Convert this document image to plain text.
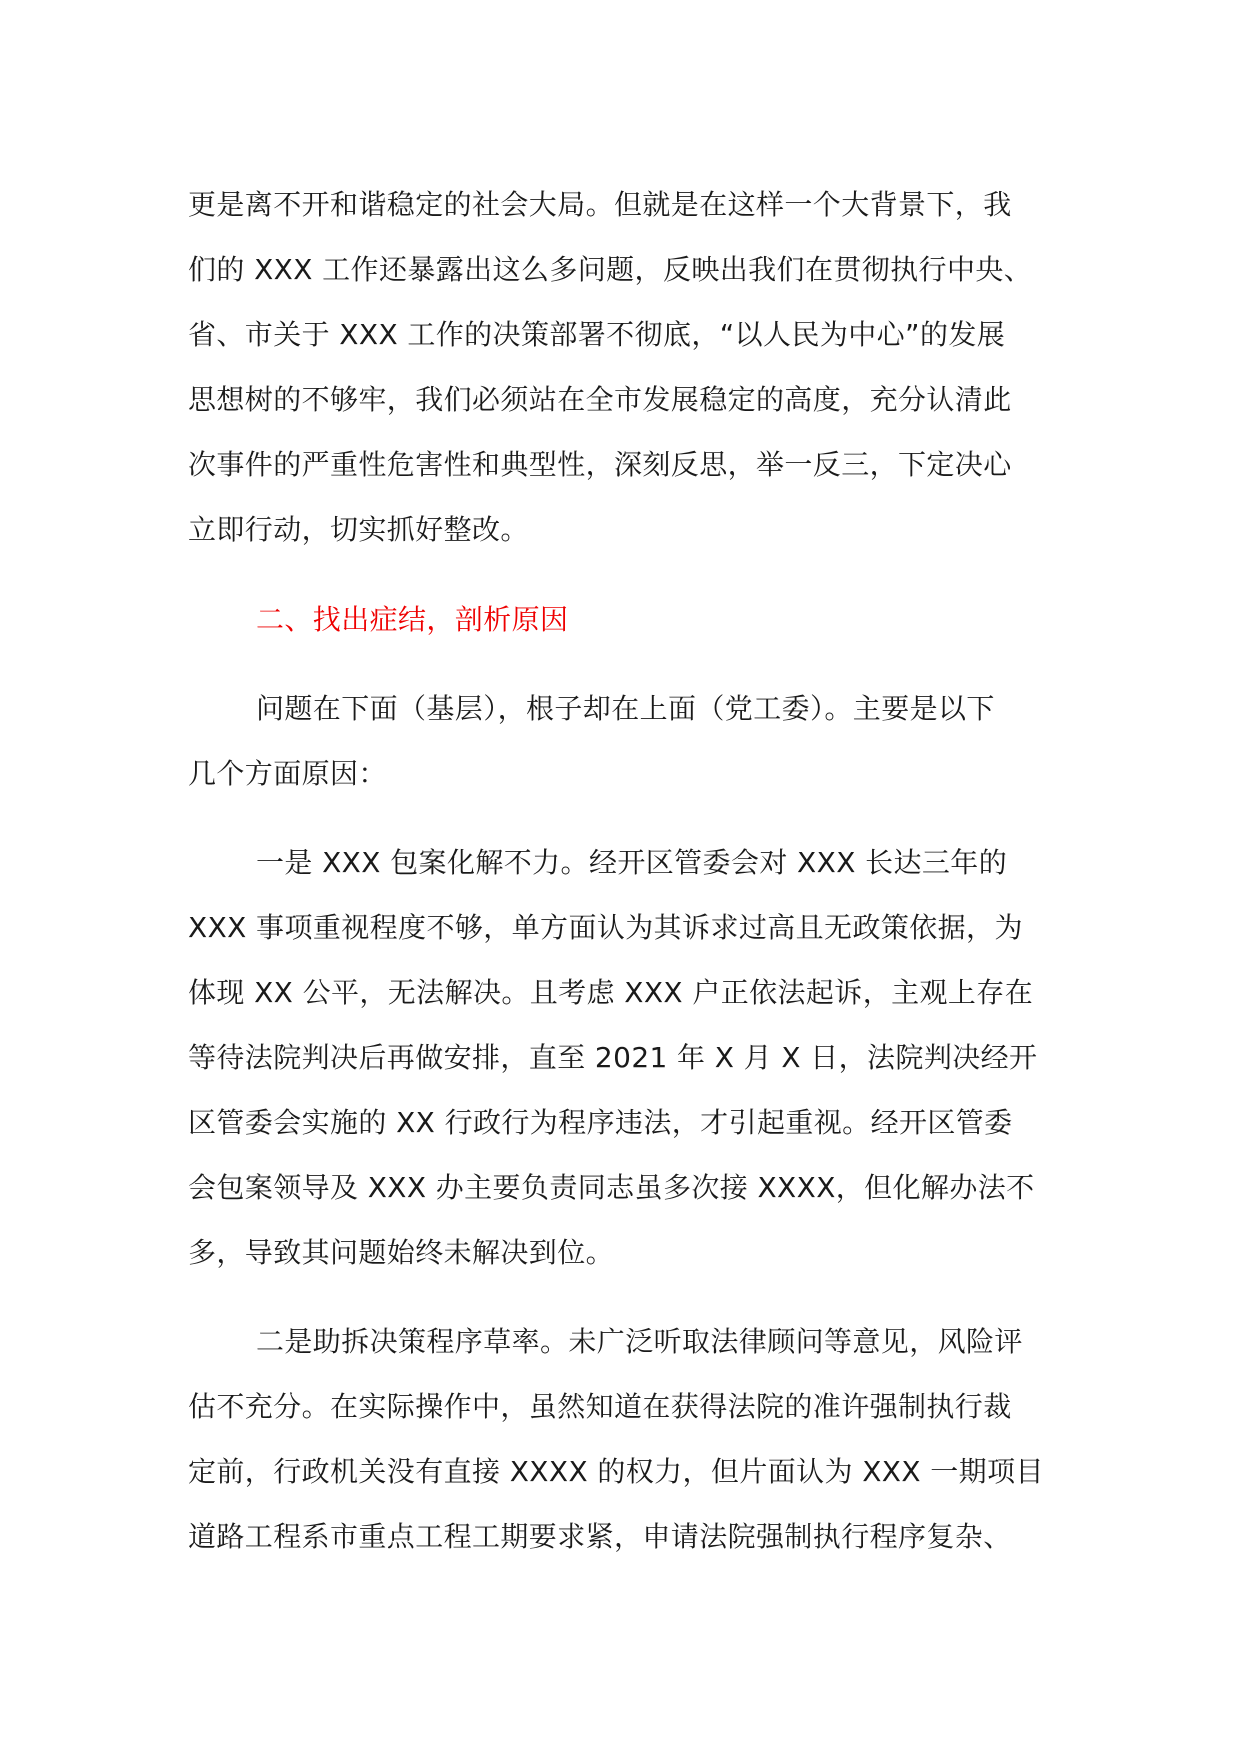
更是离不开和谐稳定的社会大局。但就是在这样一个大背景下，我
们的 XXX 工作还暴露出这么多问题，反映出我们在贯彻执行中央、
省、市关于 XXX 工作的决策部署不彻底，“以人民为中心”的发展
思想树的不够牢，我们必须站在全市发展稳定的高度，充分认清此
次事件的严重性危害性和典型性，深刻反思，举一反三，下定决心
立即行动，切实抓好整改。
二、找出症结，剖析原因
问题在下面（基层），根子却在上面（党工委）。主要是以下
几个方面原因：
一是 XXX 包案化解不力。经开区管委会对 XXX 长达三年的
XXX 事项重视程度不够，单方面认为其诉求过高且无政策依据，为
体现 XX 公平，无法解决。且考虑 XXX 户正依法起诉，主观上存在
等待法院判决后再做安排，直至 2021 年 X 月 X 日，法院判决经开
区管委会实施的 XX 行政行为程序违法，才引起重视。经开区管委
会包案领导及 XXX 办主要负责同志虽多次接 XXXX，但化解办法不
多，导致其问题始终未解决到位。
二是助拆决策程序草率。未广泛听取法律顾问等意见，风险评
估不充分。在实际操作中，虽然知道在获得法院的准许强制执行裁
定前，行政机关没有直接 XXXX 的权力，但片面认为 XXX 一期项目
道路工程系市重点工程工期要求紧，申请法院强制执行程序复杂、
